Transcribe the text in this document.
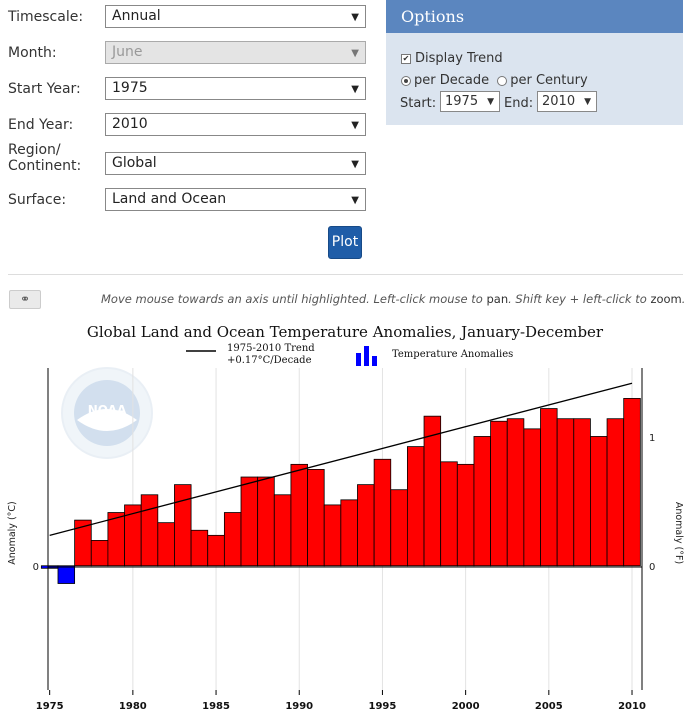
Timescale:	Annual	▼
Month:	June	▼
Start Year:	1975	▼
End Year:	2010	▼
Region/
Continent:	Global	▼
Surface:	Land and Ocean	▼
Plot
Options
✔ Display Trend
per Decade per Century
Start: 1975 ▼ End: 2010 ▼
⚭	Move mouse towards an axis until highlighted. Left-click mouse to pan. Shift key + left-click to zoom.
Global Land and Ocean Temperature Anomalies, January-December
1975-2010 Trend
+0.17°C/Decade
Temperature Anomalies
NOAA
1975	1980	1985	1990	1995	2000	2005	2010
0	0
1
Anomaly (°C)	Anomaly (°F)
